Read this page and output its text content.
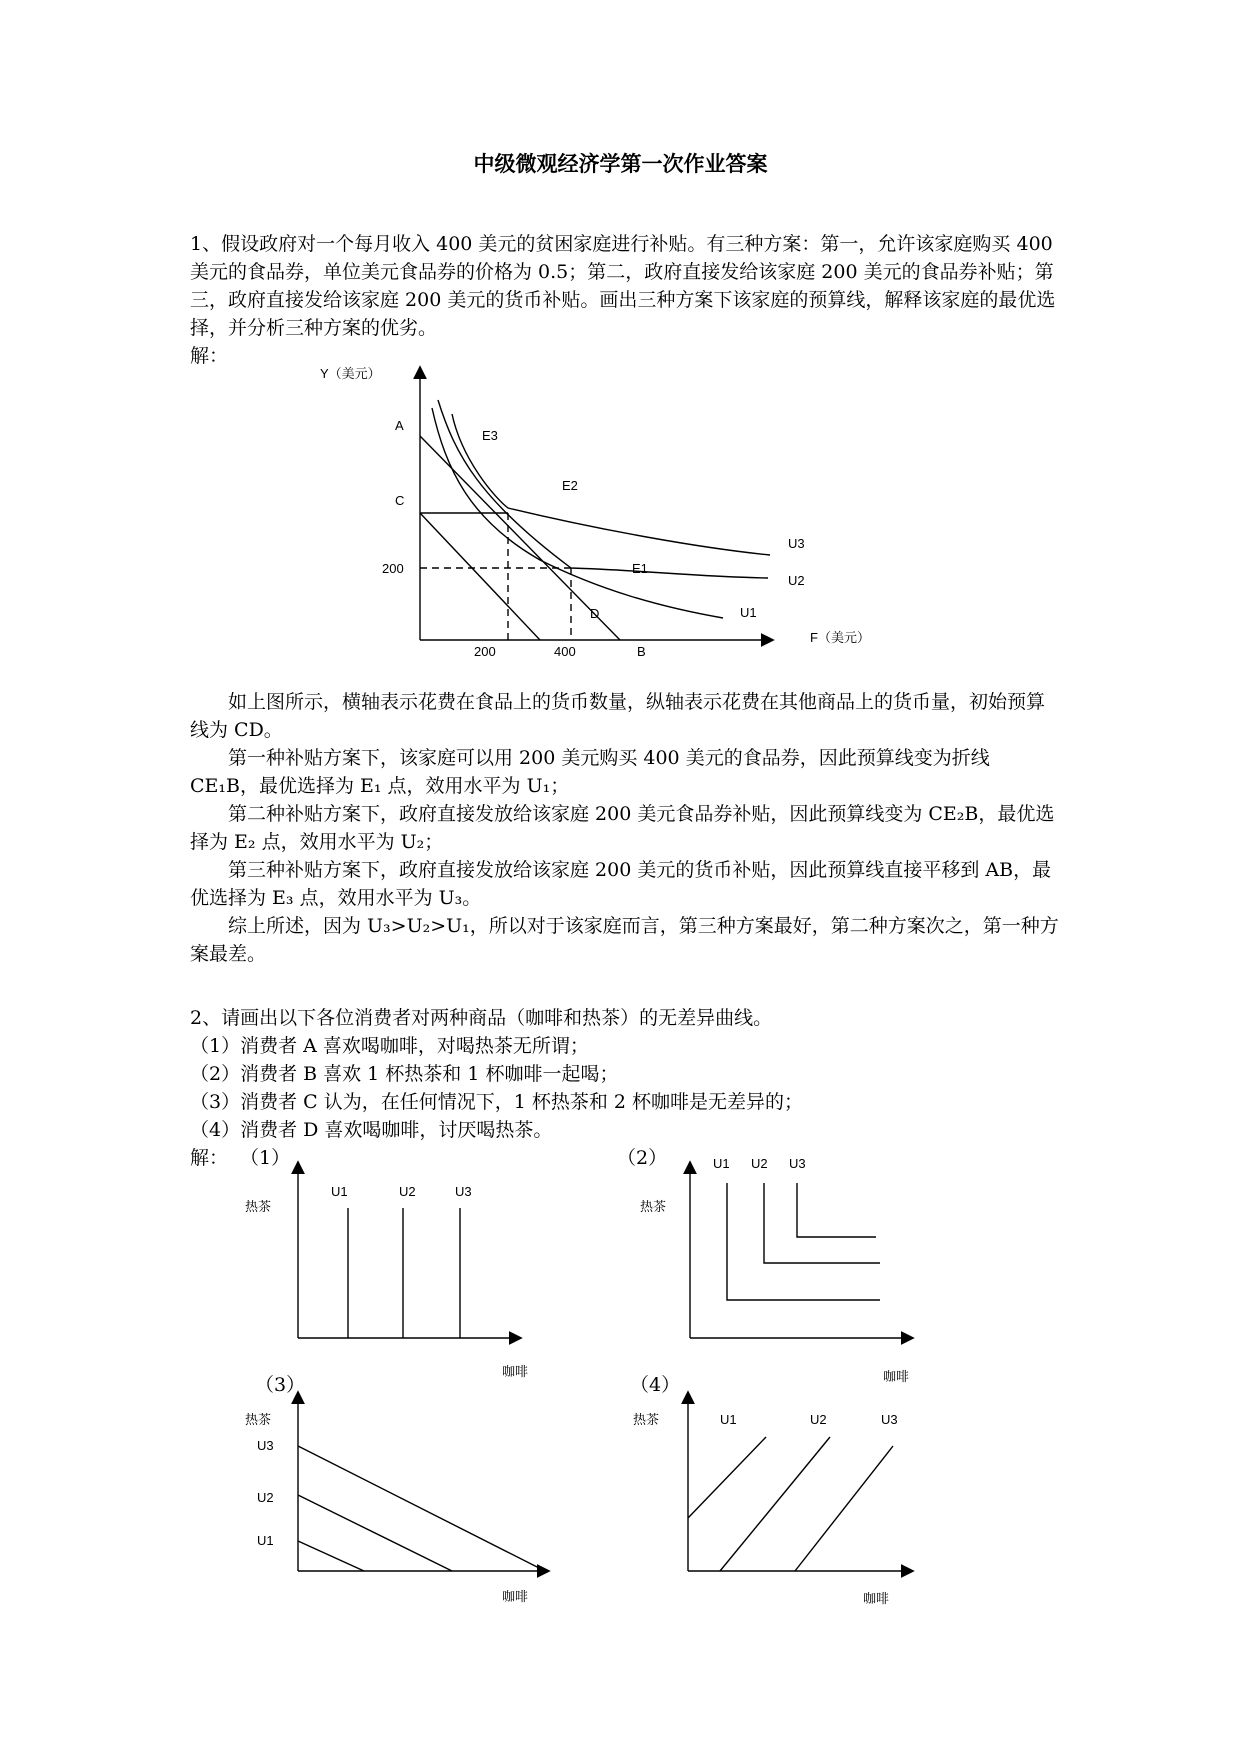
中级微观经济学第一次作业答案

1、假设政府对一个每月收入 400 美元的贫困家庭进行补贴。有三种方案：第一，允许该家庭购买 400 美元的食品券，单位美元食品券的价格为 0.5；第二，政府直接发给该家庭 200 美元的食品券补贴；第三，政府直接发给该家庭 200 美元的货币补贴。画出三种方案下该家庭的预算线，解释该家庭的最优选择，并分析三种方案的优劣。

解：

Y（美元）
F（美元）
A
C
D
B
E3
E2
E1
U3
U2
U1
200
200	400

如上图所示，横轴表示花费在食品上的货币数量，纵轴表示花费在其他商品上的货币量，初始预算线为 CD。

第一种补贴方案下，该家庭可以用 200 美元购买 400 美元的食品券，因此预算线变为折线 CE₁B，最优选择为 E₁ 点，效用水平为 U₁；

第二种补贴方案下，政府直接发放给该家庭 200 美元食品券补贴，因此预算线变为 CE₂B，最优选择为 E₂ 点，效用水平为 U₂；

第三种补贴方案下，政府直接发放给该家庭 200 美元的货币补贴，因此预算线直接平移到 AB，最优选择为 E₃ 点，效用水平为 U₃。

综上所述，因为 U₃>U₂>U₁，所以对于该家庭而言，第三种方案最好，第二种方案次之，第一种方案最差。

2、请画出以下各位消费者对两种商品（咖啡和热茶）的无差异曲线。

（1）消费者 A 喜欢喝咖啡，对喝热茶无所谓；

（2）消费者 B 喜欢 1 杯热茶和 1 杯咖啡一起喝；

（3）消费者 C 认为，在任何情况下，1 杯热茶和 2 杯咖啡是无差异的；

（4）消费者 D 喜欢喝咖啡，讨厌喝热茶。

解： （1）	（2）
（3）	（4）
热茶
咖啡
U1	U2	U3
热茶
咖啡
U1 U2 U3
热茶
咖啡
U1
U2
U3
热茶
咖啡
U1	U2	U3
